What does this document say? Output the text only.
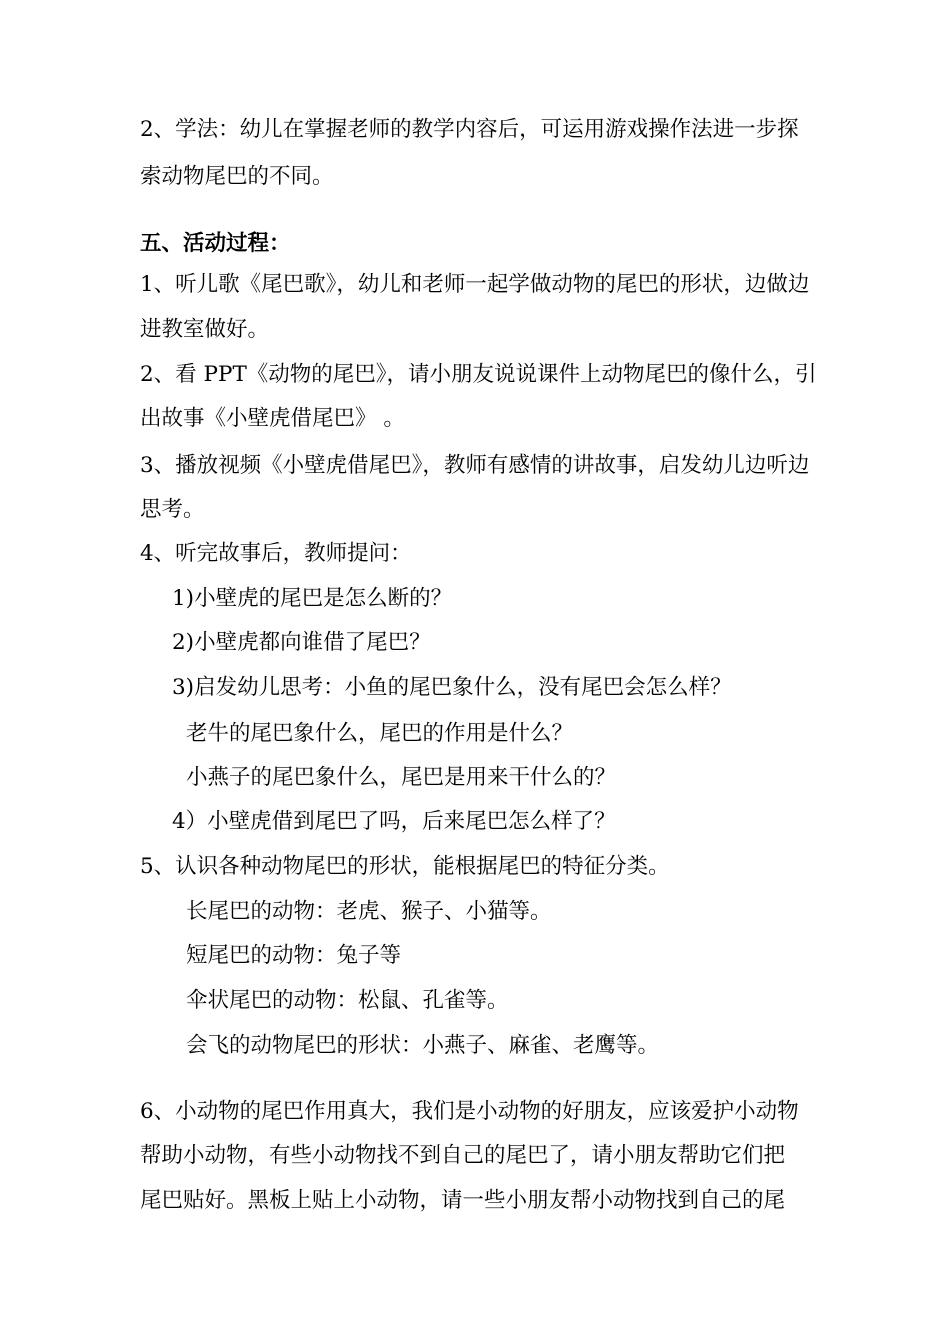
2、学法：幼儿在掌握老师的教学内容后，可运用游戏操作法进一步探

索动物尾巴的不同。

五、活动过程：

1、听儿歌《尾巴歌》，幼儿和老师一起学做动物的尾巴的形状，边做边

进教室做好。

2、看 PPT《动物的尾巴》，请小朋友说说课件上动物尾巴的像什么，引

出故事《小壁虎借尾巴》 。

3、播放视频《小壁虎借尾巴》，教师有感情的讲故事，启发幼儿边听边

思考。

4、听完故事后，教师提问：

1)小壁虎的尾巴是怎么断的？

2)小壁虎都向谁借了尾巴？

3)启发幼儿思考：小鱼的尾巴象什么，没有尾巴会怎么样？

老牛的尾巴象什么，尾巴的作用是什么？

小燕子的尾巴象什么，尾巴是用来干什么的？

4）小壁虎借到尾巴了吗，后来尾巴怎么样了？

5、认识各种动物尾巴的形状，能根据尾巴的特征分类。

长尾巴的动物：老虎、猴子、小猫等。

短尾巴的动物：兔子等

伞状尾巴的动物：松鼠、孔雀等。

会飞的动物尾巴的形状：小燕子、麻雀、老鹰等。

6、小动物的尾巴作用真大，我们是小动物的好朋友，应该爱护小动物

帮助小动物，有些小动物找不到自己的尾巴了，请小朋友帮助它们把

尾巴贴好。黑板上贴上小动物，请一些小朋友帮小动物找到自己的尾
